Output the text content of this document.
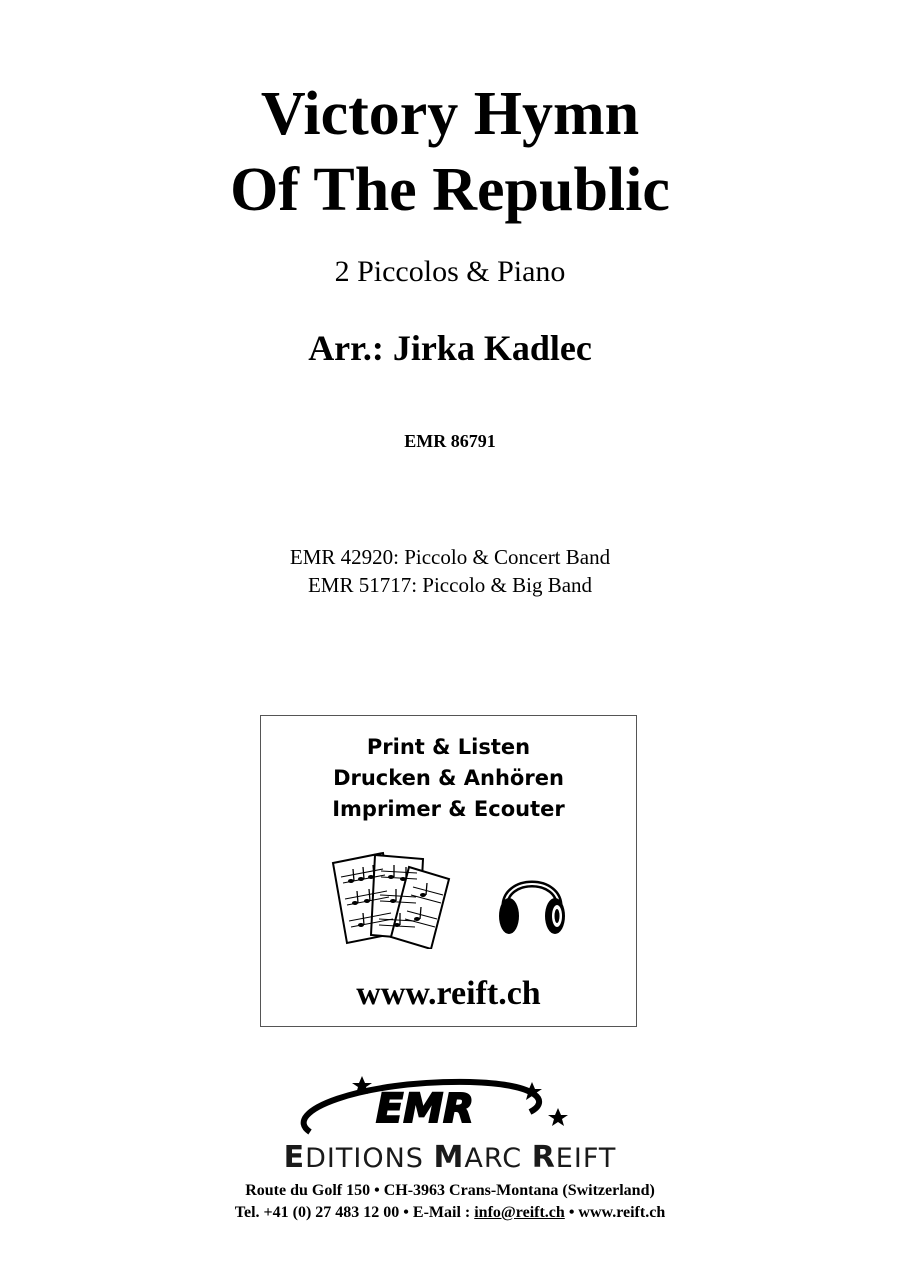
Victory Hymn
Of The Republic
2 Piccolos & Piano
Arr.: Jirka Kadlec
EMR 86791
EMR 42920: Piccolo & Concert Band
EMR 51717: Piccolo & Big Band
Print & Listen
Drucken & Anhören
Imprimer & Ecouter
www.reift.ch
EMR
EDITIONS MARC REIFT
Route du Golf 150 • CH-3963 Crans-Montana (Switzerland)
Tel. +41 (0) 27 483 12 00 • E-Mail : info@reift.ch • www.reift.ch
